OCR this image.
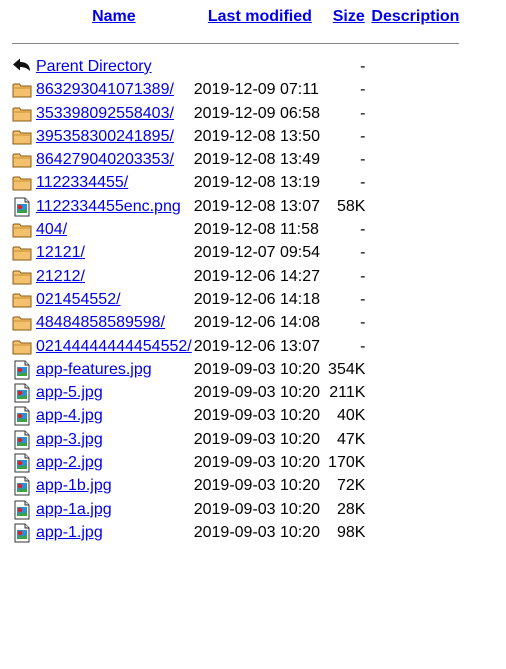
	Name	Last modified	Size	Description

	Parent Directory		-	
	863293041071389/	2019-12-09 07:11	-	
	353398092558403/	2019-12-09 06:58	-	
	395358300241895/	2019-12-08 13:50	-	
	864279040203353/	2019-12-08 13:49	-	
	1122334455/	2019-12-08 13:19	-	
	1122334455enc.png	2019-12-08 13:07	58K	
	404/	2019-12-08 11:58	-	
	12121/	2019-12-07 09:54	-	
	21212/	2019-12-06 14:27	-	
	021454552/	2019-12-06 14:18	-	
	48484858589598/	2019-12-06 14:08	-	
	02144444444454552/	2019-12-06 13:07	-	
	app-features.jpg	2019-09-03 10:20	354K	
	app-5.jpg	2019-09-03 10:20	211K	
	app-4.jpg	2019-09-03 10:20	40K	
	app-3.jpg	2019-09-03 10:20	47K	
	app-2.jpg	2019-09-03 10:20	170K	
	app-1b.jpg	2019-09-03 10:20	72K	
	app-1a.jpg	2019-09-03 10:20	28K	
	app-1.jpg	2019-09-03 10:20	98K	
